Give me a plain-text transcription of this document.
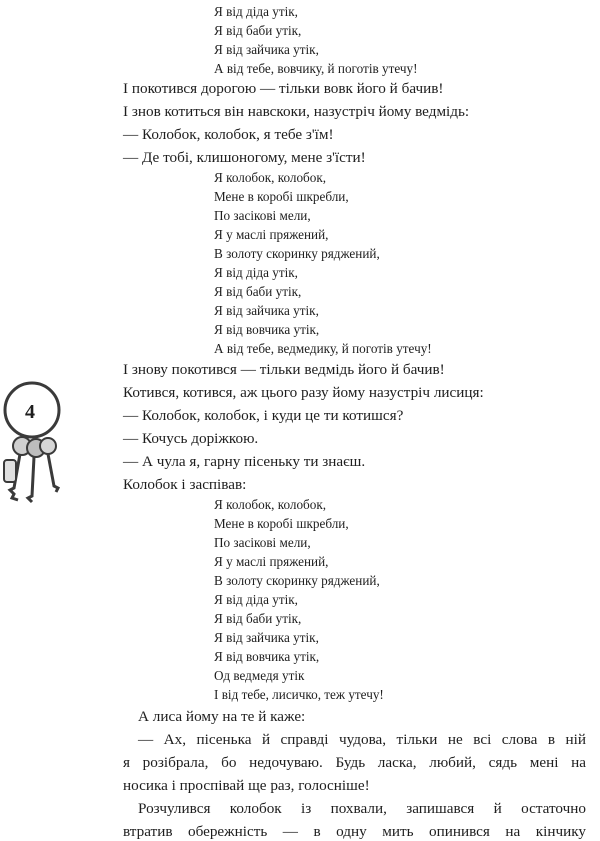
4
Я від діда утік,
Я від баби утік,
Я від зайчика утік,
А від тебе, вовчику, й поготів утечу!
І покотився дорогою — тільки вовк його й бачив!
І знов котиться він навскоки, назустріч йому ведмідь:
— Колобок, колобок, я тебе з'їм!
— Де тобі, клишоногому, мене з'їсти!
Я колобок, колобок,
Мене в коробі шкребли,
По засікові мели,
Я у маслі пряжений,
В золоту скоринку ряджений,
Я від діда утік,
Я від баби утік,
Я від зайчика утік,
Я від вовчика утік,
А від тебе, ведмедику, й поготів утечу!
І знову покотився — тільки ведмідь його й бачив!
Котився, котився, аж цього разу йому назустріч лисиця:
— Колобок, колобок, і куди це ти котишся?
— Кочусь доріжкою.
— А чула я, гарну пісеньку ти знаєш.
Колобок і заспівав:
Я колобок, колобок,
Мене в коробі шкребли,
По засікові мели,
Я у маслі пряжений,
В золоту скоринку ряджений,
Я від діда утік,
Я від баби утік,
Я від зайчика утік,
Я від вовчика утік,
Од ведмедя утік
І від тебе, лисичко, теж утечу!
А лиса йому на те й каже:
— Ах, пісенька й справді чудова, тільки не всі слова в ній
я розібрала, бо недочуваю. Будь ласка, любий, сядь мені на
носика і проспівай ще раз, голосніше!
Розчулився колобок із похвали, запишався й остаточно
втратив обережність — в одну мить опинився на кінчику
